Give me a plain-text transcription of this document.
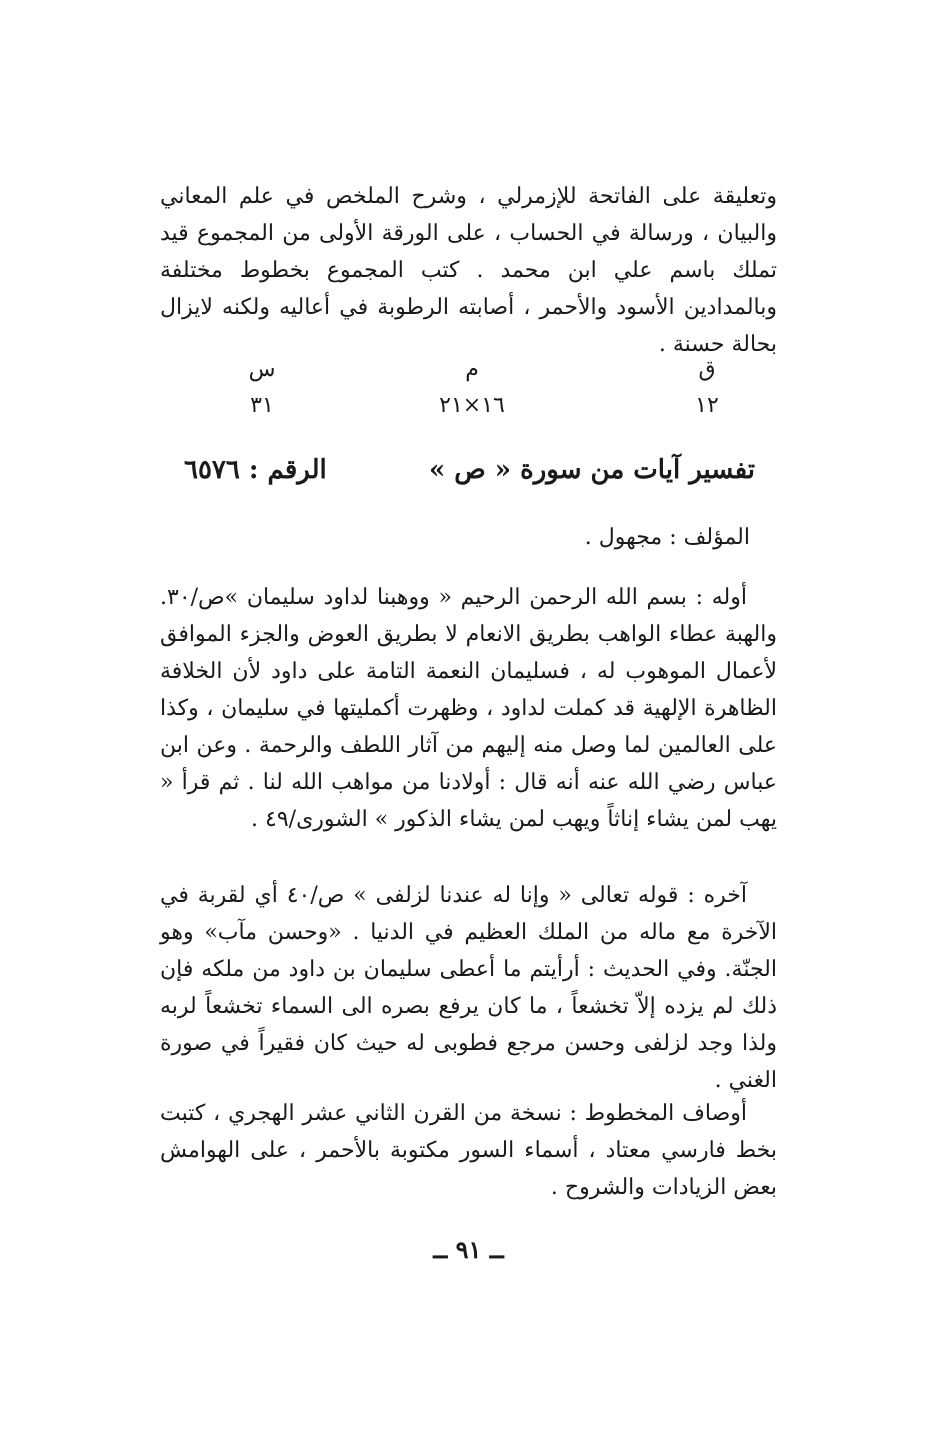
وتعليقة على الفاتحة للإزمرلي ، وشرح الملخص في علم المعاني والبيان ، ورسالة في الحساب ، على الورقة الأولى من المجموع قيد تملك باسم علي ابن محمد . كتب المجموع بخطوط مختلفة وبالمدادين الأسود والأحمر ، أصابته الرطوبة في أعاليه ولكنه لايزال بحالة حسنة .

ق
١٢
م
١٦×٢١
س
٣١
تفسير آيات من سورة « ص »
الرقم : ٦٥٧٦
المؤلف : مجهول .

أوله : بسم الله الرحمن الرحيم « ووهبنا لداود سليمان »ص/٣٠. والهبة عطاء الواهب بطريق الانعام لا بطريق العوض والجزء الموافق لأعمال الموهوب له ، فسليمان النعمة التامة على داود لأن الخلافة الظاهرة الإلهية قد كملت لداود ، وظهرت أكمليتها في سليمان ، وكذا على العالمين لما وصل منه إليهم من آثار اللطف والرحمة . وعن ابن عباس رضي الله عنه أنه قال : أولادنا من مواهب الله لنا . ثم قرأ « يهب لمن يشاء إناثاً ويهب لمن يشاء الذكور » الشورى/٤٩ .

آخره : قوله تعالى « وإنا له عندنا لزلفى » ص/٤٠ أي لقربة في الآخرة مع ماله من الملك العظيم في الدنيا . «وحسن مآب» وهو الجنّة. وفي الحديث : أرأيتم ما أعطى سليمان بن داود من ملكه فإن ذلك لم يزده إلاّ تخشعاً ، ما كان يرفع بصره الى السماء تخشعاً لربه ولذا وجد لزلفى وحسن مرجع فطوبى له حيث كان فقيراً في صورة الغني .

أوصاف المخطوط : نسخة من القرن الثاني عشر الهجري ، كتبت بخط فارسي معتاد ، أسماء السور مكتوبة بالأحمر ، على الهوامش بعض الزيادات والشروح .

ــ ٩١ ــ
